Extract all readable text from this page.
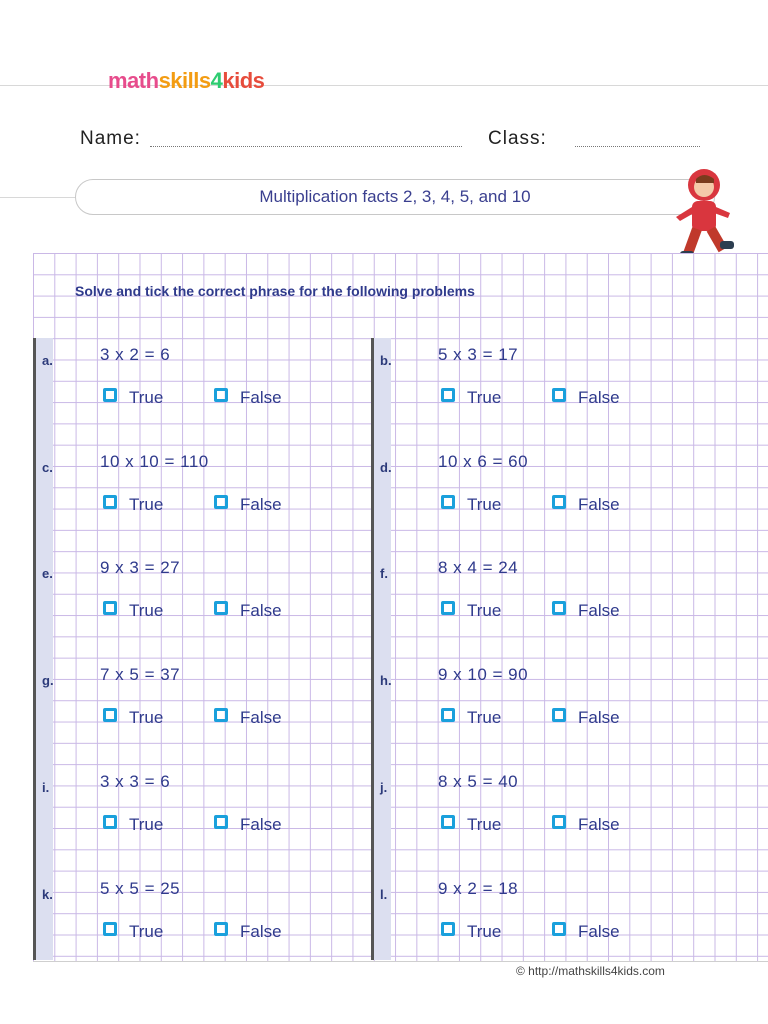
mathskills4kids
Name:	Class:
Multiplication facts 2, 3, 4, 5, and 10
Solve and tick the correct phrase for the following problems
a.	3 x 2 = 6
True	False
b.	5 x 3 = 17
True	False
c.	10 x 10 = 110
True	False
d.	10 x 6 = 60
True	False
e.	9 x 3 = 27
True	False
f.	8 x 4 = 24
True	False
g.	7 x 5 = 37
True	False
h.	9 x 10 = 90
True	False
i.	3 x 3 = 6
True	False
j.	8 x 5 = 40
True	False
k.	5 x 5 = 25
True	False
l.	9 x 2 = 18
True	False
© http://mathskills4kids.com
